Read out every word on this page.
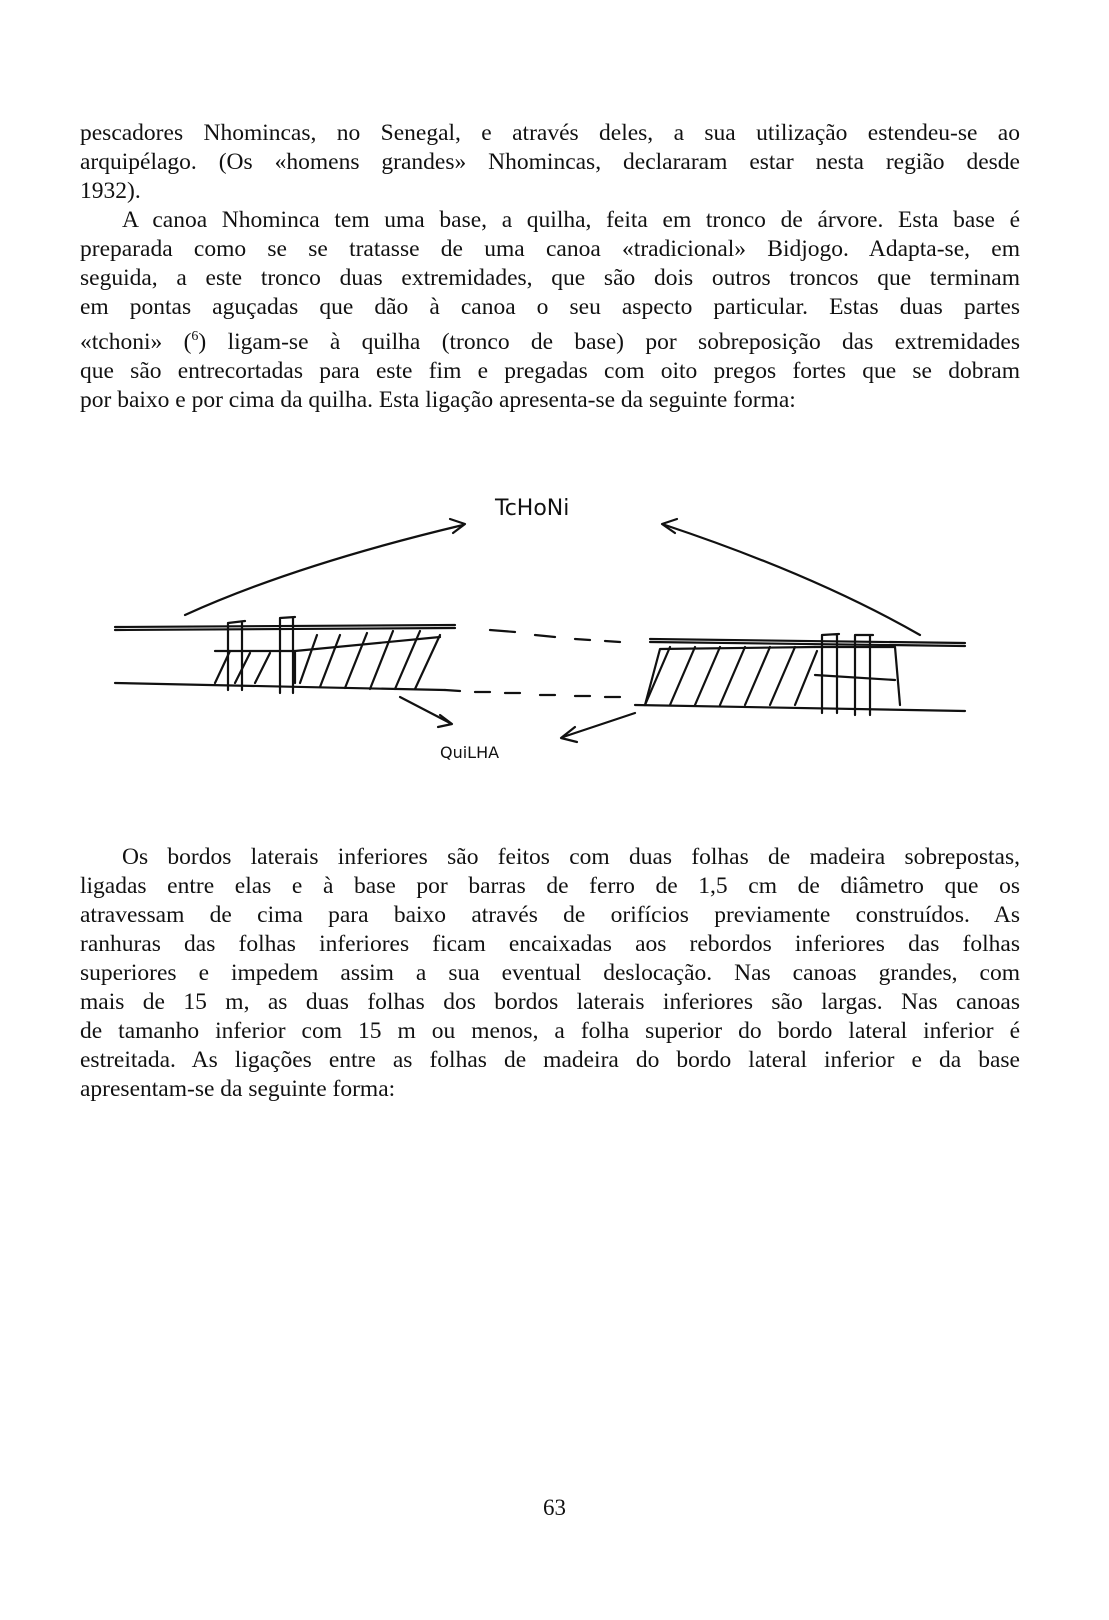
pescadores Nhomincas, no Senegal, e através deles, a sua utilização estendeu-se ao
arquipélago. (Os «homens grandes» Nhomincas, declararam estar nesta região desde
1932).
A canoa Nhominca tem uma base, a quilha, feita em tronco de árvore. Esta base é
preparada como se se tratasse de uma canoa «tradicional» Bidjogo. Adapta-se, em
seguida, a este tronco duas extremidades, que são dois outros troncos que terminam
em pontas aguçadas que dão à canoa o seu aspecto particular. Estas duas partes
«tchoni» ($^6$) ligam-se à quilha (tronco de base) por sobreposição das extremidades
que são entrecortadas para este fim e pregadas com oito pregos fortes que se dobram
por baixo e por cima da quilha. Esta ligação apresenta-se da seguinte forma:
TcHoNi
QuiLHA
Os bordos laterais inferiores são feitos com duas folhas de madeira sobrepostas,
ligadas entre elas e à base por barras de ferro de 1,5 cm de diâmetro que os
atravessam de cima para baixo através de orifícios previamente construídos. As
ranhuras das folhas inferiores ficam encaixadas aos rebordos inferiores das folhas
superiores e impedem assim a sua eventual deslocação. Nas canoas grandes, com
mais de 15 m, as duas folhas dos bordos laterais inferiores são largas. Nas canoas
de tamanho inferior com 15 m ou menos, a folha superior do bordo lateral inferior é
estreitada. As ligações entre as folhas de madeira do bordo lateral inferior e da base
apresentam-se da seguinte forma:
63
